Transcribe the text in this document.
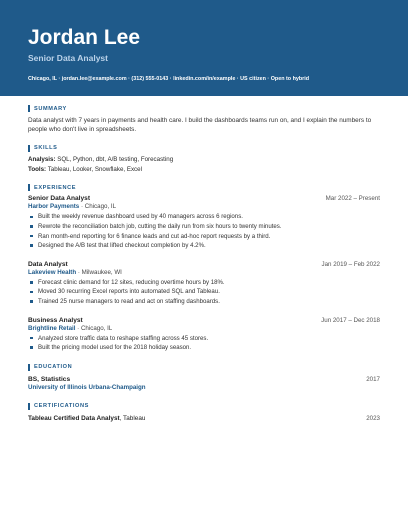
Jordan Lee
Senior Data Analyst
Chicago, IL · jordan.lee@example.com · (312) 555-0143 · linkedin.com/in/example · US citizen · Open to hybrid
SUMMARY
Data analyst with 7 years in payments and health care. I build the dashboards teams run on, and I explain the numbers to people who don't live in spreadsheets.
SKILLS
Analysis: SQL, Python, dbt, A/B testing, Forecasting
Tools: Tableau, Looker, Snowflake, Excel
EXPERIENCE
Senior Data Analyst	Mar 2022 – Present
Harbor Payments · Chicago, IL
Built the weekly revenue dashboard used by 40 managers across 6 regions.
Rewrote the reconciliation batch job, cutting the daily run from six hours to twenty minutes.
Ran month-end reporting for 6 finance leads and cut ad-hoc report requests by a third.
Designed the A/B test that lifted checkout completion by 4.2%.
Data Analyst	Jan 2019 – Feb 2022
Lakeview Health · Milwaukee, WI
Forecast clinic demand for 12 sites, reducing overtime hours by 18%.
Moved 30 recurring Excel reports into automated SQL and Tableau.
Trained 25 nurse managers to read and act on staffing dashboards.
Business Analyst	Jun 2017 – Dec 2018
Brightline Retail · Chicago, IL
Analyzed store traffic data to reshape staffing across 45 stores.
Built the pricing model used for the 2018 holiday season.
EDUCATION
BS, Statistics	2017
University of Illinois Urbana-Champaign
CERTIFICATIONS
Tableau Certified Data Analyst, Tableau	2023
